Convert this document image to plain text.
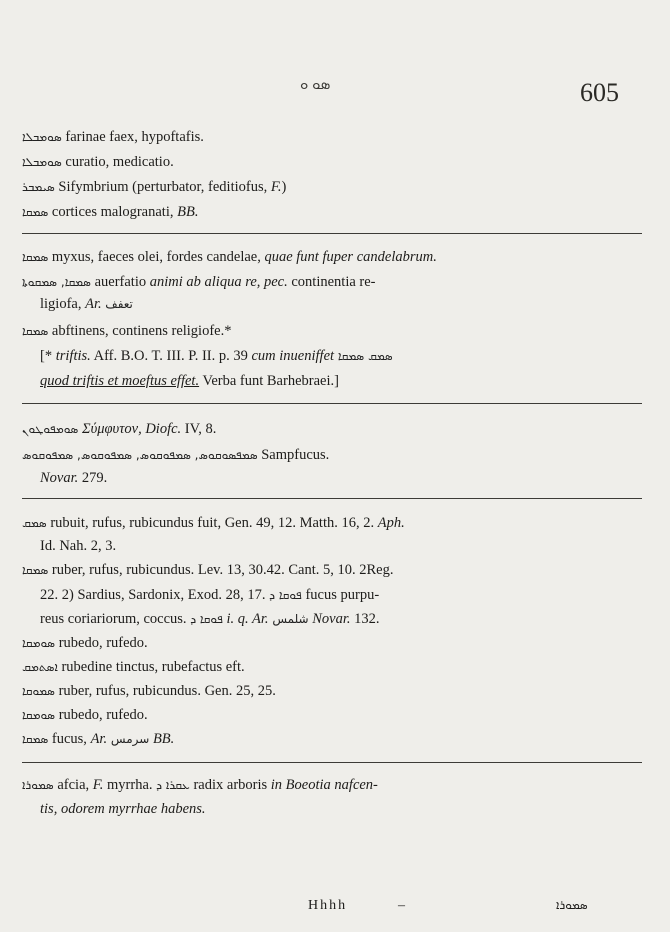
ܣܘ ܘ	605
ܣܘܡܒܠܐ farinae faex, hypoftafis.
ܣܘܡܒܠܐ curatio, medicatio.
ܣܝܡܒܪ Sifymbrium (perturbator, feditiofus, F.)
ܣܡܩܐ cortices malogranati, BB.
ܣܡܩܐ myxus, faeces olei, fordes candelae, quae funt fuper candelabrum.
ܣܡܩܐ, ܣܡܩܘܬܐ auerfatio animi ab aliqua re, pec. continentia re-
ligiofa, Ar. تعفف
ܣܡܩܐ abftinens, continens religiofe.*
[* triftis. Aff. B.O. T. III. P. II. p. 39 cum inueniffet ܣܡܩ ܣܡܩܐ
quod triftis et moeftus effet. Verba funt Barhebraei.]
ܣܘܡܦܘܛܘܢ Σύμφυτον, Diofc. IV, 8.
ܣܡܦܣܘܩܘܣ, ܣܡܦܘܩܘܣ, ܣܡܦܘܩܘܣ, ܣܡܦܘܩܘܣ Sampfucus.
Novar. 279.
ܣܡܩ rubuit, rufus, rubicundus fuit, Gen. 49, 12. Matth. 16, 2. Aph.
Id. Nah. 2, 3.
ܣܡܩܐ ruber, rufus, rubicundus. Lev. 13, 30.42. Cant. 5, 10. 2Reg.
22. 2) Sardius, Sardonix, Exod. 28, 17. ܦܘܩܐ ܕ fucus purpu-
reus coriariorum, coccus. ܦܘܩܐ ܕ i. q. Ar. شلمس Novar. 132.
ܣܘܡܩܐ rubedo, rufedo.
ܐܣܬܡܩ rubedine tinctus, rubefactus eft.
ܣܡܘܩܐ ruber, rufus, rubicundus. Gen. 25, 25.
ܣܘܡܩܐ rubedo, rufedo.
ܣܡܩܐ fucus, Ar. سرمس BB.
ܣܡܘܪܐ afcia, F. myrrha. ܥܩܪܐ ܕ radix arboris in Boeotia nafcen-
tis, odorem myrrhae habens.
Hhhh	–	ܣܡܘܪܐ
